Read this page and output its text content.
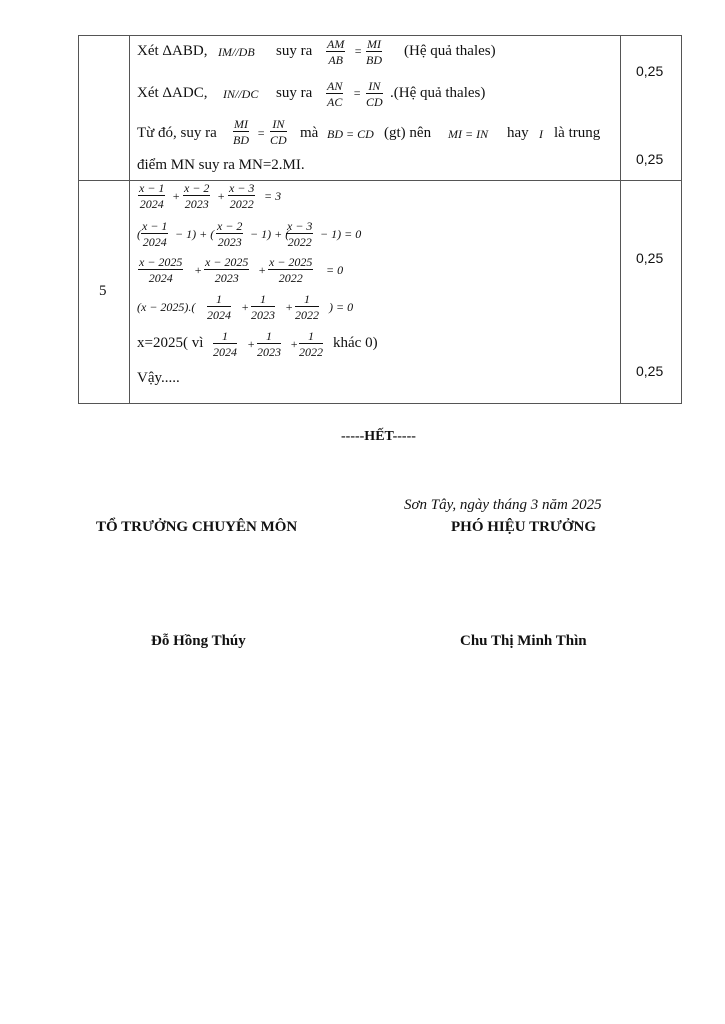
Xét ΔABD, IM//DB suy ra $\frac{AM}{AB} = \frac{MI}{BD}$ (Hệ quả thales)
Xét ΔADC, IN//DC suy ra $\frac{AN}{AC} = \frac{IN}{CD}$ .(Hệ quả thales)
Từ đó, suy ra $\frac{MI}{BD} = \frac{IN}{CD}$ mà BD = CD (gt) nên MI = IN hay I là trung
điểm MN suy ra MN=2.MI.
0,25
0,25
5
$\frac{x - 1}{2024} + \frac{x - 2}{2023} + \frac{x - 3}{2022} = 3$
( $\frac{x - 1}{2024} - 1$) + ( $\frac{x - 2}{2023} - 1$) + (
$\frac{x - 3}{2022} - 1) = 0$
$\frac{x - 2025}{2024} + \frac{x - 2025}{2023} + \frac{x - 2025}{2022} = 0$
$(x - 2025).( \frac{1}{2024} + \frac{1}{2023} + \frac{1}{2022}$ ) = 0
x=2025( vì $\frac{1}{2024} + \frac{1}{2023} + \frac{1}{2022}$ khác 0)
Vậy.....
0,25
0,25
-----HẾT-----
Sơn Tây, ngày tháng 3 năm 2025
TỔ TRƯỞNG CHUYÊN MÔN	PHÓ HIỆU TRƯỞNG
Đỗ Hồng Thúy	Chu Thị Minh Thìn
